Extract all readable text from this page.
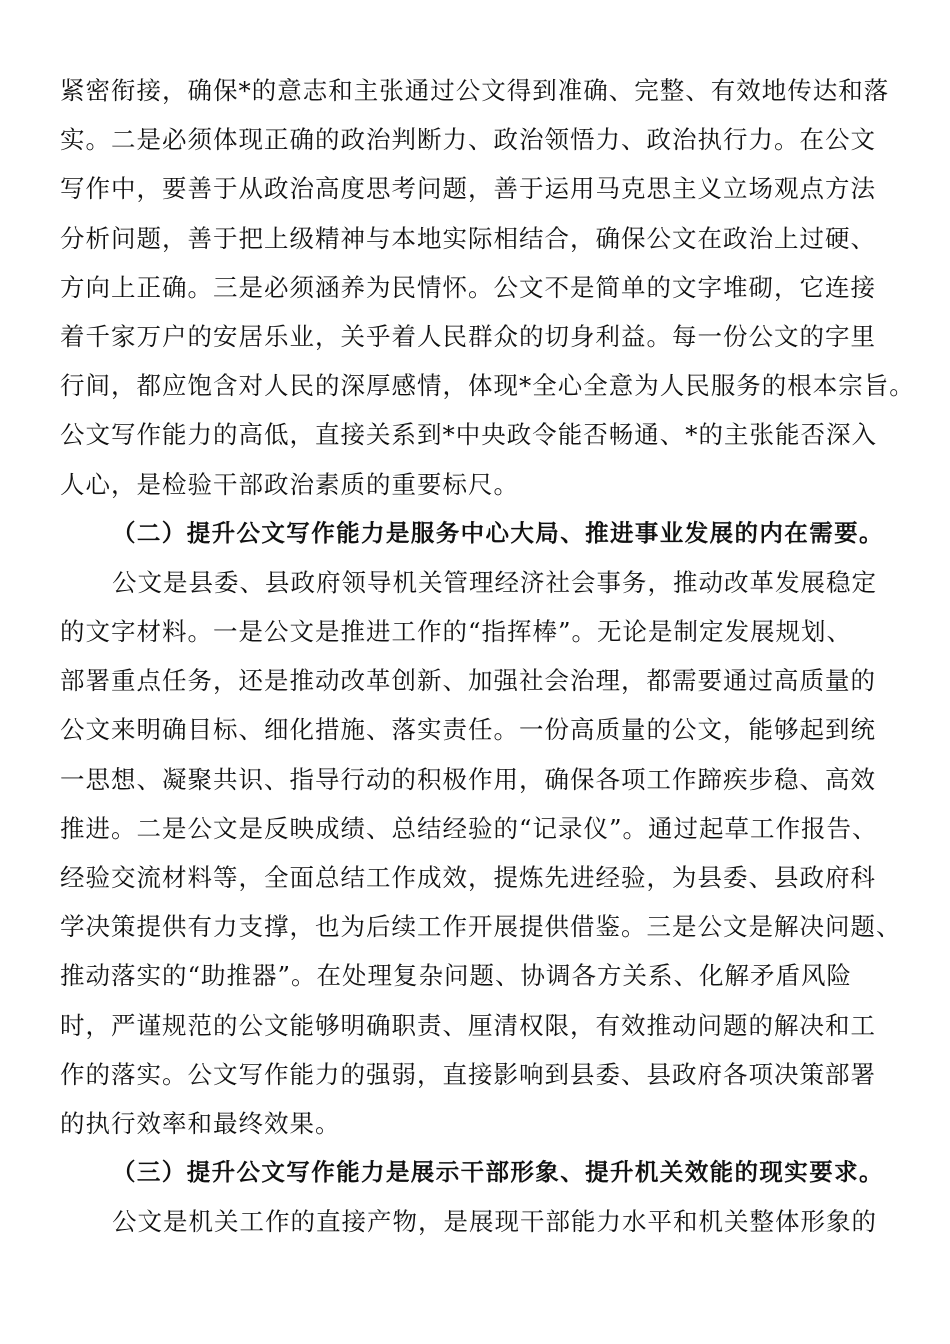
紧密衔接，确保*的意志和主张通过公文得到准确、完整、有效地传达和落
实。二是必须体现正确的政治判断力、政治领悟力、政治执行力。在公文
写作中，要善于从政治高度思考问题，善于运用马克思主义立场观点方法
分析问题，善于把上级精神与本地实际相结合，确保公文在政治上过硬、
方向上正确。三是必须涵养为民情怀。公文不是简单的文字堆砌，它连接
着千家万户的安居乐业，关乎着人民群众的切身利益。每一份公文的字里
行间，都应饱含对人民的深厚感情，体现*全心全意为人民服务的根本宗旨。
公文写作能力的高低，直接关系到*中央政令能否畅通、*的主张能否深入
人心，是检验干部政治素质的重要标尺。
（二）提升公文写作能力是服务中心大局、推进事业发展的内在需要。
公文是县委、县政府领导机关管理经济社会事务，推动改革发展稳定
的文字材料。一是公文是推进工作的“指挥棒”。无论是制定发展规划、
部署重点任务，还是推动改革创新、加强社会治理，都需要通过高质量的
公文来明确目标、细化措施、落实责任。一份高质量的公文，能够起到统
一思想、凝聚共识、指导行动的积极作用，确保各项工作蹄疾步稳、高效
推进。二是公文是反映成绩、总结经验的“记录仪”。通过起草工作报告、
经验交流材料等，全面总结工作成效，提炼先进经验，为县委、县政府科
学决策提供有力支撑，也为后续工作开展提供借鉴。三是公文是解决问题、
推动落实的“助推器”。在处理复杂问题、协调各方关系、化解矛盾风险
时，严谨规范的公文能够明确职责、厘清权限，有效推动问题的解决和工
作的落实。公文写作能力的强弱，直接影响到县委、县政府各项决策部署
的执行效率和最终效果。
（三）提升公文写作能力是展示干部形象、提升机关效能的现实要求。
公文是机关工作的直接产物，是展现干部能力水平和机关整体形象的
